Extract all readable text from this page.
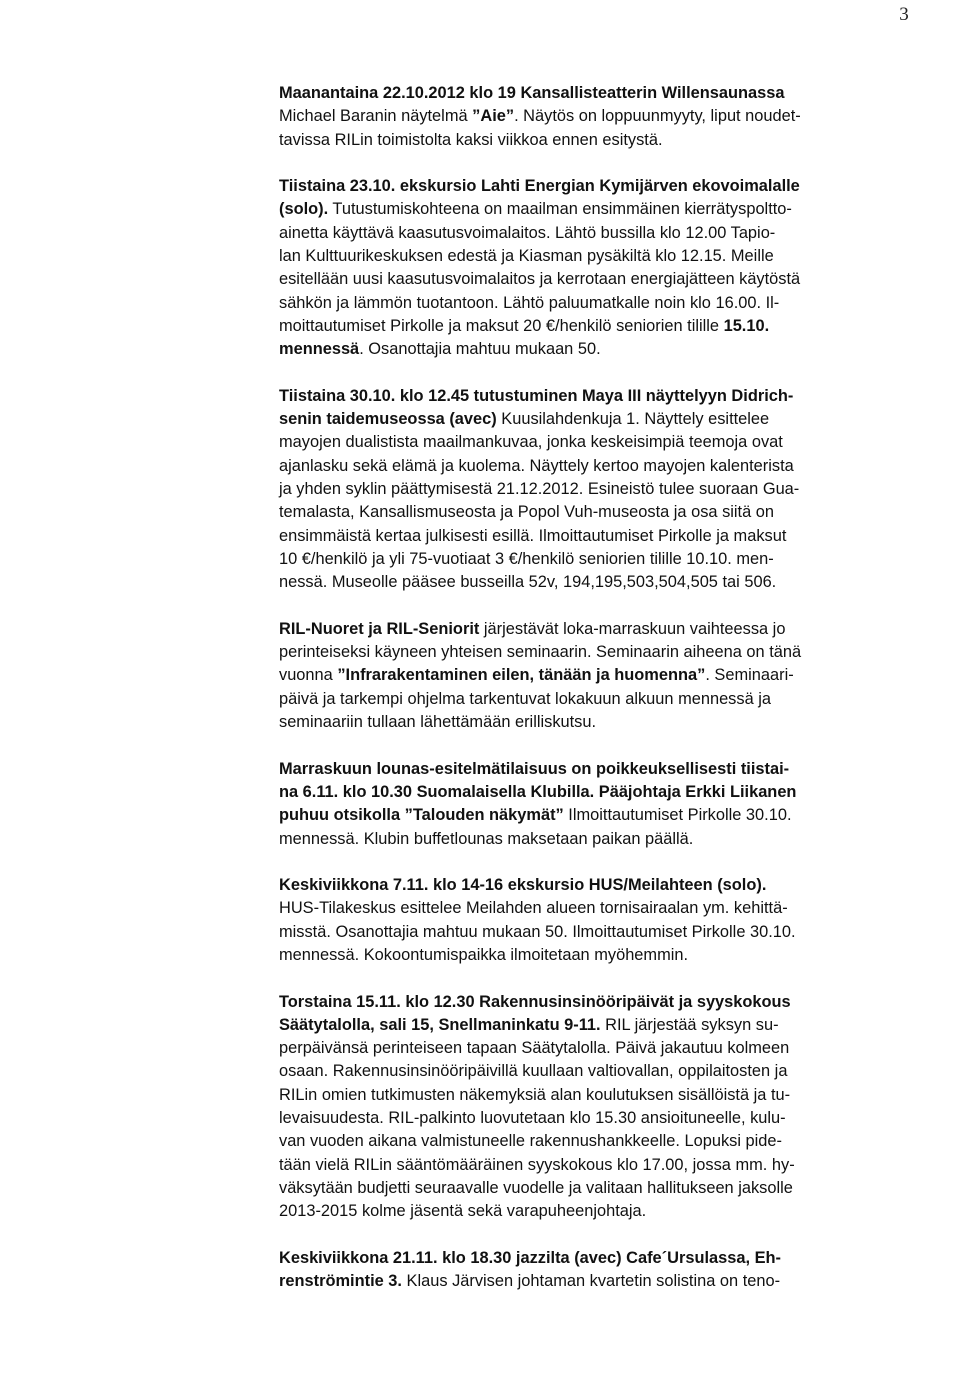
3
Maanantaina 22.10.2012 klo 19 Kansallisteatterin Willensaunassa
Michael Baranin näytelmä ”Aie”. Näytös on loppuunmyyty, liput noudet-
tavissa RILin toimistolta kaksi viikkoa ennen esitystä.
Tiistaina 23.10. ekskursio Lahti Energian Kymijärven ekovoimalalle
(solo). Tutustumiskohteena on maailman ensimmäinen kierrätyspoltto-
ainetta käyttävä kaasutusvoimalaitos. Lähtö bussilla klo 12.00 Tapio-
lan Kulttuurikeskuksen edestä ja Kiasman pysäkiltä klo 12.15. Meille
esitellään uusi kaasutusvoimalaitos ja kerrotaan energiajätteen käytöstä
sähkön ja lämmön tuotantoon. Lähtö paluumatkalle noin klo 16.00. Il-
moittautumiset Pirkolle ja maksut 20 €/henkilö seniorien tilille 15.10.
mennessä. Osanottajia mahtuu mukaan 50.
Tiistaina 30.10. klo 12.45 tutustuminen Maya III näyttelyyn Didrich-
senin taidemuseossa (avec) Kuusilahdenkuja 1. Näyttely esittelee
mayojen dualistista maailmankuvaa, jonka keskeisimpiä teemoja ovat
ajanlasku sekä elämä ja kuolema. Näyttely kertoo mayojen kalenterista
ja yhden syklin päättymisestä 21.12.2012. Esineistö tulee suoraan Gua-
temalasta, Kansallismuseosta ja Popol Vuh-museosta ja osa siitä on
ensimmäistä kertaa julkisesti esillä. Ilmoittautumiset Pirkolle ja maksut
10 €/henkilö ja yli 75-vuotiaat 3 €/henkilö seniorien tilille 10.10. men-
nessä. Museolle pääsee busseilla 52v, 194,195,503,504,505 tai 506.
RIL-Nuoret ja RIL-Seniorit järjestävät loka-marraskuun vaihteessa jo
perinteiseksi käyneen yhteisen seminaarin. Seminaarin aiheena on tänä
vuonna ”Infrarakentaminen eilen, tänään ja huomenna”. Seminaari-
päivä ja tarkempi ohjelma tarkentuvat lokakuun alkuun mennessä ja
seminaariin tullaan lähettämään erilliskutsu.
Marraskuun lounas-esitelmätilaisuus on poikkeuksellisesti tiistai-
na 6.11. klo 10.30 Suomalaisella Klubilla. Pääjohtaja Erkki Liikanen
puhuu otsikolla ”Talouden näkymät” Ilmoittautumiset Pirkolle 30.10.
mennessä. Klubin buffetlounas maksetaan paikan päällä.
Keskiviikkona 7.11. klo 14-16 ekskursio HUS/Meilahteen (solo).
HUS-Tilakeskus esittelee Meilahden alueen tornisairaalan ym. kehittä-
misstä. Osanottajia mahtuu mukaan 50. Ilmoittautumiset Pirkolle 30.10.
mennessä. Kokoontumispaikka ilmoitetaan myöhemmin.
Torstaina 15.11. klo 12.30 Rakennusinsinööripäivät ja syyskokous
Säätytalolla, sali 15, Snellmaninkatu 9-11. RIL järjestää syksyn su-
perpäivänsä perinteiseen tapaan Säätytalolla. Päivä jakautuu kolmeen
osaan. Rakennusinsinööripäivillä kuullaan valtiovallan, oppilaitosten ja
RILin omien tutkimusten näkemyksiä alan koulutuksen sisällöistä ja tu-
levaisuudesta. RIL-palkinto luovutetaan klo 15.30 ansioituneelle, kulu-
van vuoden aikana valmistuneelle rakennushankkeelle. Lopuksi pide-
tään vielä RILin sääntömääräinen syyskokous klo 17.00, jossa mm. hy-
väksytään budjetti seuraavalle vuodelle ja valitaan hallitukseen jaksolle
2013-2015 kolme jäsentä sekä varapuheenjohtaja.
Keskiviikkona 21.11. klo 18.30 jazzilta (avec) Cafe´Ursulassa, Eh-
renströmintie 3. Klaus Järvisen johtaman kvartetin solistina on teno-
